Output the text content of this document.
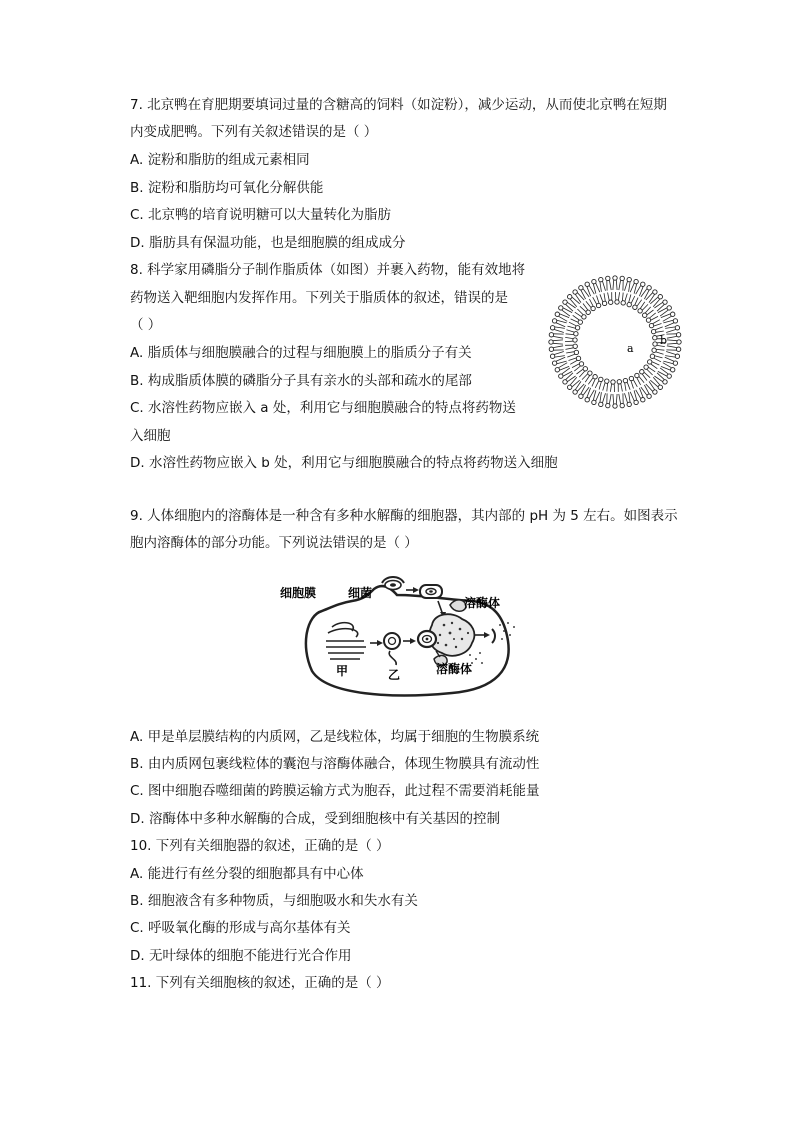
7. 北京鸭在育肥期要填词过量的含糖高的饲料（如淀粉），减少运动，从而使北京鸭在短期
内变成肥鸭。下列有关叙述错误的是（ ）
A. 淀粉和脂肪的组成元素相同
B. 淀粉和脂肪均可氧化分解供能
C. 北京鸭的培育说明糖可以大量转化为脂肪
D. 脂肪具有保温功能，也是细胞膜的组成成分
8. 科学家用磷脂分子制作脂质体（如图）并裹入药物，能有效地将
药物送入靶细胞内发挥作用。下列关于脂质体的叙述，错误的是
（ ）
A. 脂质体与细胞膜融合的过程与细胞膜上的脂质分子有关
B. 构成脂质体膜的磷脂分子具有亲水的头部和疏水的尾部
C. 水溶性药物应嵌入 a 处，利用它与细胞膜融合的特点将药物送
入细胞
D. 水溶性药物应嵌入 b 处，利用它与细胞膜融合的特点将药物送入细胞
a
b
9. 人体细胞内的溶酶体是一种含有多种水解酶的细胞器，其内部的 pH 为 5 左右。如图表示
胞内溶酶体的部分功能。下列说法错误的是（ ）
细胞膜	细菌
溶酶体
溶酶体
甲	乙
A. 甲是单层膜结构的内质网，乙是线粒体，均属于细胞的生物膜系统
B. 由内质网包裹线粒体的囊泡与溶酶体融合，体现生物膜具有流动性
C. 图中细胞吞噬细菌的跨膜运输方式为胞吞，此过程不需要消耗能量
D. 溶酶体中多种水解酶的合成，受到细胞核中有关基因的控制
10. 下列有关细胞器的叙述，正确的是（ ）
A. 能进行有丝分裂的细胞都具有中心体
B. 细胞液含有多种物质，与细胞吸水和失水有关
C. 呼吸氧化酶的形成与高尔基体有关
D. 无叶绿体的细胞不能进行光合作用
11. 下列有关细胞核的叙述，正确的是（ ）
